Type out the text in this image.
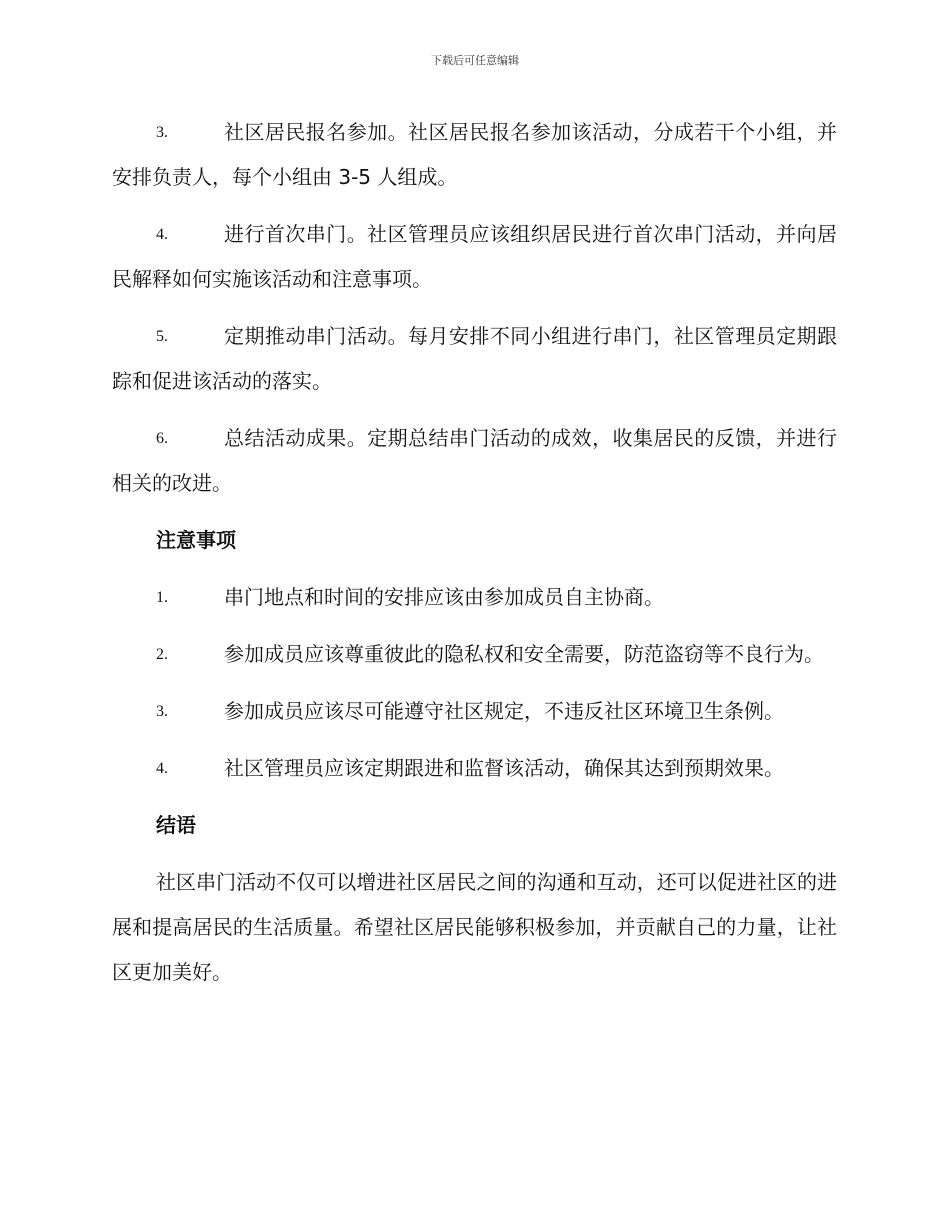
下载后可任意编辑

3.	社区居民报名参加。社区居民报名参加该活动，分成若干个小组，并安排负责人，每个小组由 3-5 人组成。

4.	进行首次串门。社区管理员应该组织居民进行首次串门活动，并向居民解释如何实施该活动和注意事项。

5.	定期推动串门活动。每月安排不同小组进行串门，社区管理员定期跟踪和促进该活动的落实。

6.	总结活动成果。定期总结串门活动的成效，收集居民的反馈，并进行相关的改进。

注意事项

1.	串门地点和时间的安排应该由参加成员自主协商。

2.	参加成员应该尊重彼此的隐私权和安全需要，防范盗窃等不良行为。

3.	参加成员应该尽可能遵守社区规定，不违反社区环境卫生条例。

4.	社区管理员应该定期跟进和监督该活动，确保其达到预期效果。

结语

社区串门活动不仅可以增进社区居民之间的沟通和互动，还可以促进社区的进展和提高居民的生活质量。希望社区居民能够积极参加，并贡献自己的力量，让社区更加美好。
